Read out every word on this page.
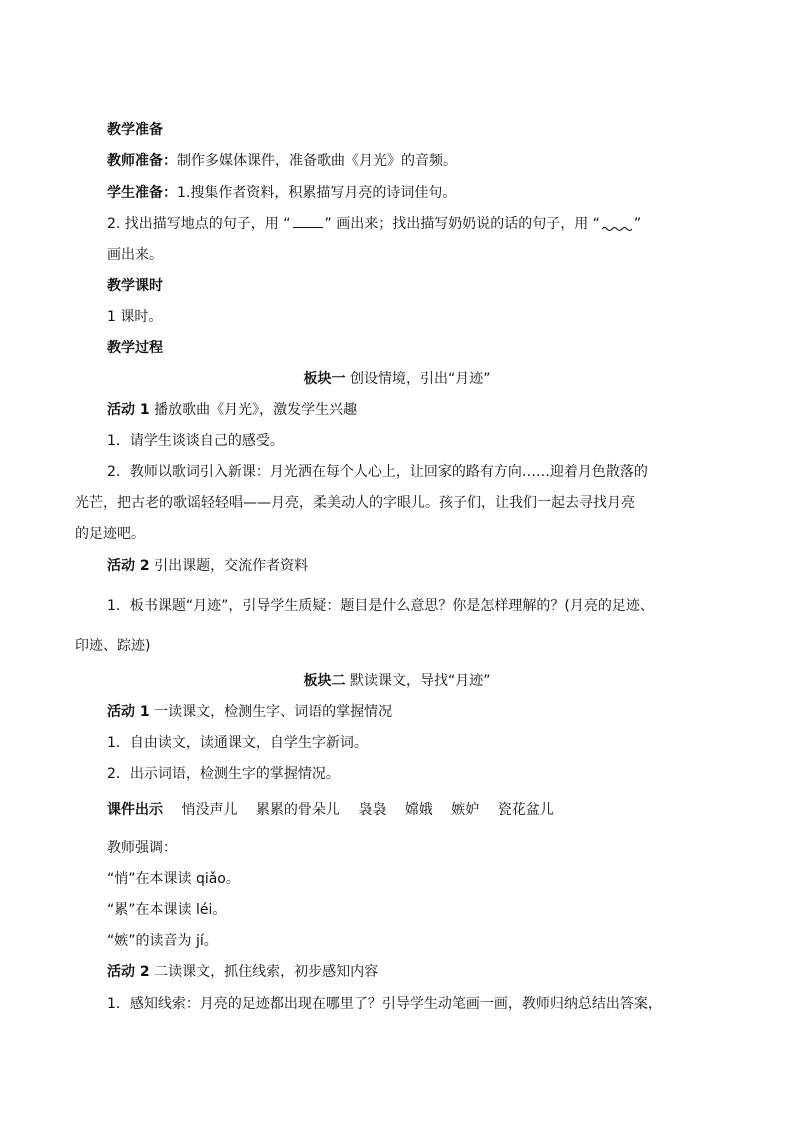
教学准备
教师准备：制作多媒体课件，准备歌曲《月光》的音频。
学生准备：1.搜集作者资料，积累描写月亮的诗词佳句。
2. 找出描写地点的句子，用 “ ” 画出来；找出描写奶奶说的话的句子，用 “ ”
画出来。
教学课时
1 课时。
教学过程
板块一 创设情境，引出“月迹”
活动 1 播放歌曲《月光》，激发学生兴趣
1．请学生谈谈自己的感受。
2．教师以歌词引入新课：月光洒在每个人心上，让回家的路有方向……迎着月色散落的
光芒，把古老的歌谣轻轻唱——月亮，柔美动人的字眼儿。孩子们，让我们一起去寻找月亮
的足迹吧。
活动 2 引出课题，交流作者资料
1．板书课题“月迹”，引导学生质疑：题目是什么意思？你是怎样理解的？(月亮的足迹、
印迹、踪迹)
板块二 默读课文，导找“月迹”
活动 1 一读课文，检测生字、词语的掌握情况
1．自由读文，读通课文，自学生字新词。
2．出示词语，检测生字的掌握情况。
课件出示 悄没声儿 累累的骨朵儿 袅袅 嫦娥 嫉妒 瓷花盆儿
教师强调：
“悄”在本课读 qiǎo。
“累”在本课读 léi。
“嫉”的读音为 jí。
活动 2 二读课文，抓住线索，初步感知内容
1．感知线索：月亮的足迹都出现在哪里了？引导学生动笔画一画，教师归纳总结出答案，
